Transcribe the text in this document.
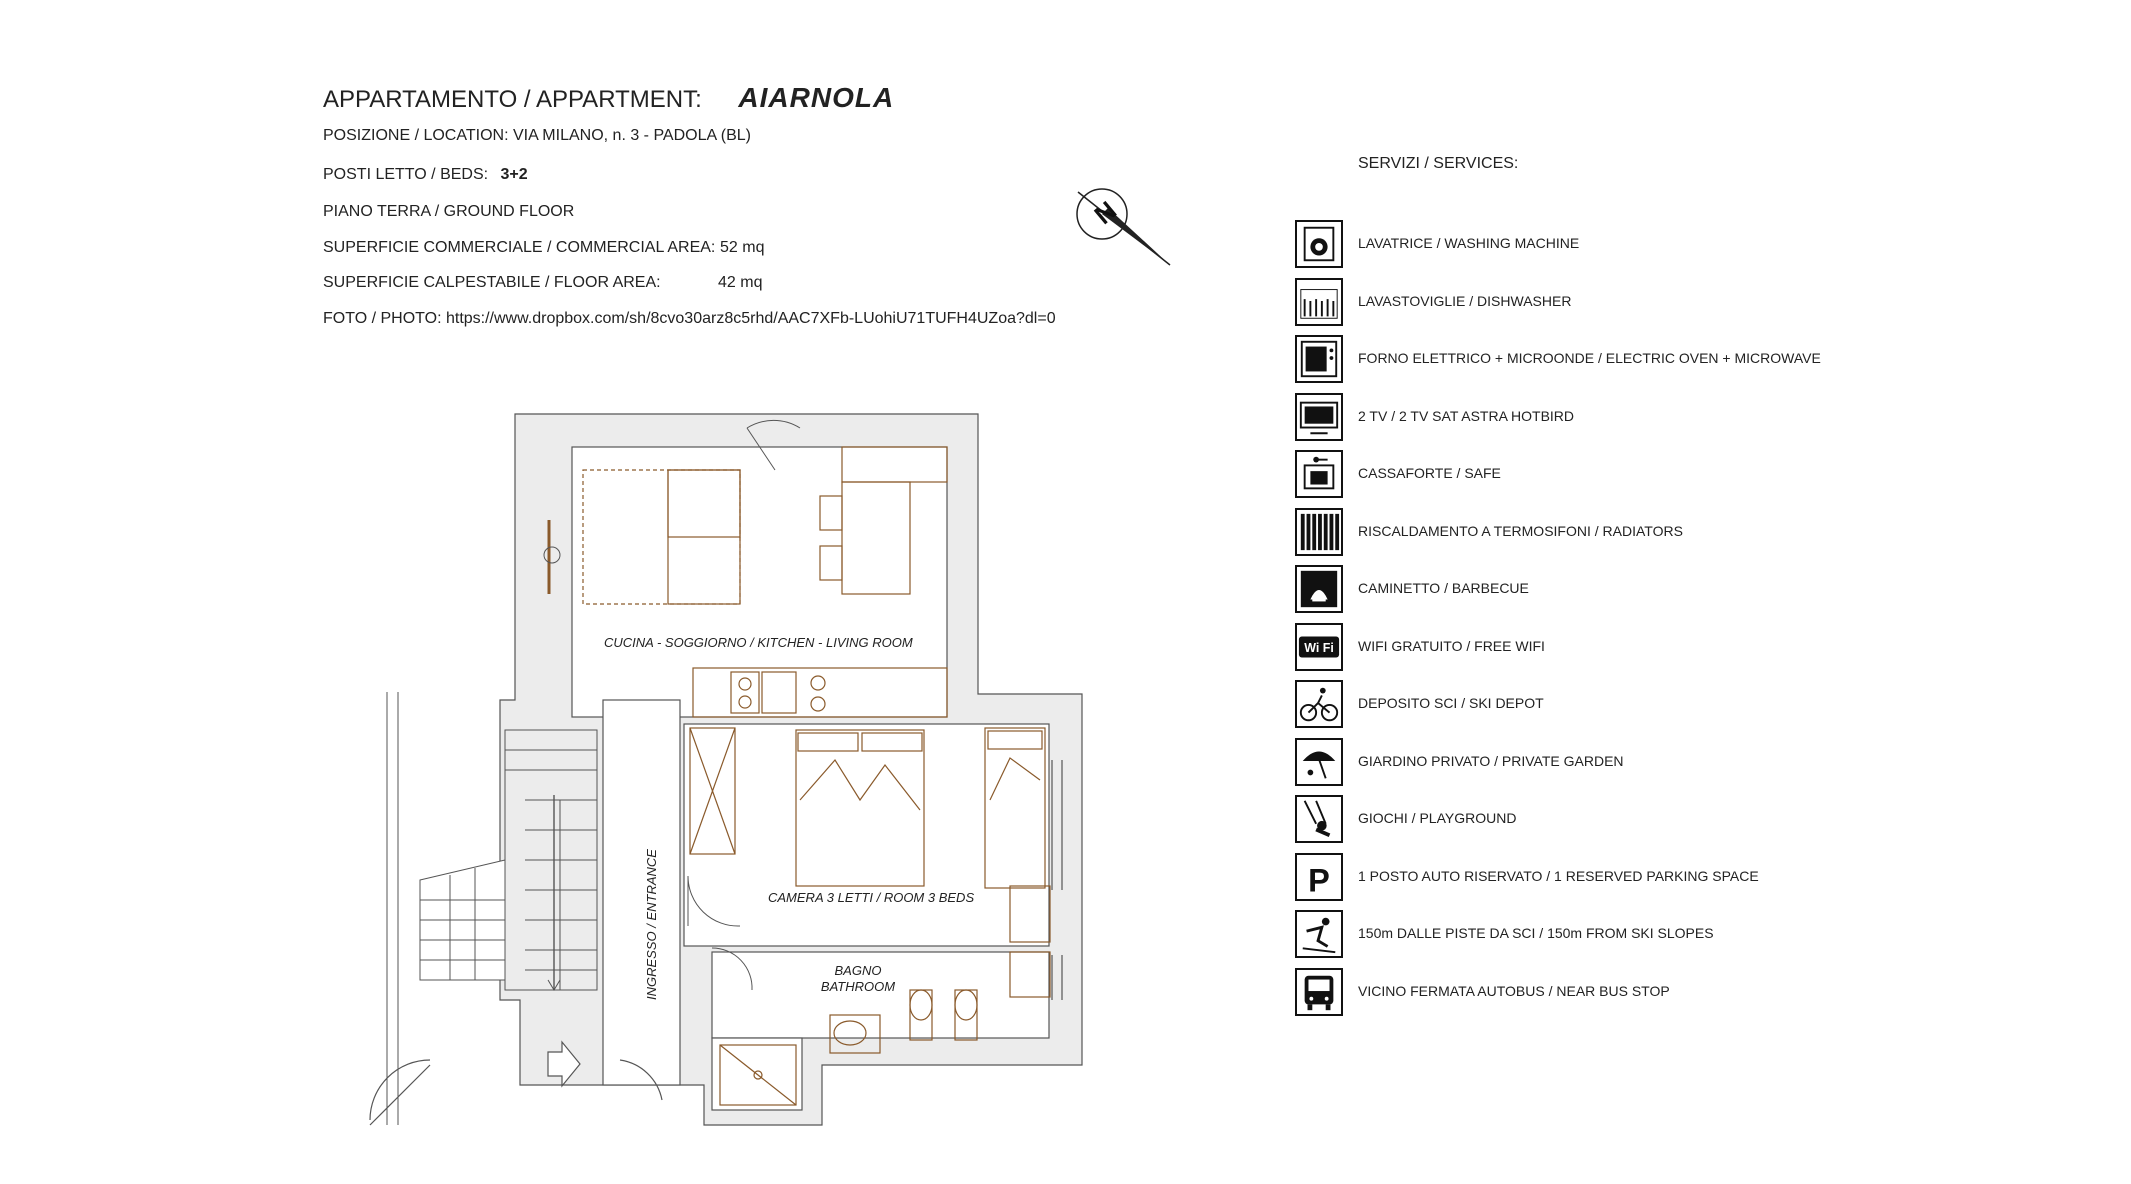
APPARTAMENTO / APPARTMENT: AIARNOLA
POSIZIONE / LOCATION: VIA MILANO, n. 3 - PADOLA (BL)
POSTI LETTO / BEDS: 3+2
PIANO TERRA / GROUND FLOOR
SUPERFICIE COMMERCIALE / COMMERCIAL AREA: 52 mq
SUPERFICIE CALPESTABILE / FLOOR AREA:	42 mq
FOTO / PHOTO: https://www.dropbox.com/sh/8cvo30arz8c5rhd/AAC7XFb-LUohiU71TUFH4UZoa?dl=0
N
CUCINA - SOGGIORNO / KITCHEN - LIVING ROOM
CAMERA 3 LETTI / ROOM 3 BEDS
BAGNO
BATHROOM
INGRESSO / ENTRANCE
SERVIZI / SERVICES:
LAVATRICE / WASHING MACHINE
LAVASTOVIGLIE / DISHWASHER
FORNO ELETTRICO + MICROONDE / ELECTRIC OVEN + MICROWAVE
2 TV / 2 TV SAT ASTRA HOTBIRD
CASSAFORTE / SAFE
RISCALDAMENTO A TERMOSIFONI / RADIATORS
CAMINETTO / BARBECUE
Wi Fi WIFI GRATUITO / FREE WIFI
DEPOSITO SCI / SKI DEPOT
GIARDINO PRIVATO / PRIVATE GARDEN
GIOCHI / PLAYGROUND
P 1 POSTO AUTO RISERVATO / 1 RESERVED PARKING SPACE
150m DALLE PISTE DA SCI / 150m FROM SKI SLOPES
VICINO FERMATA AUTOBUS / NEAR BUS STOP
